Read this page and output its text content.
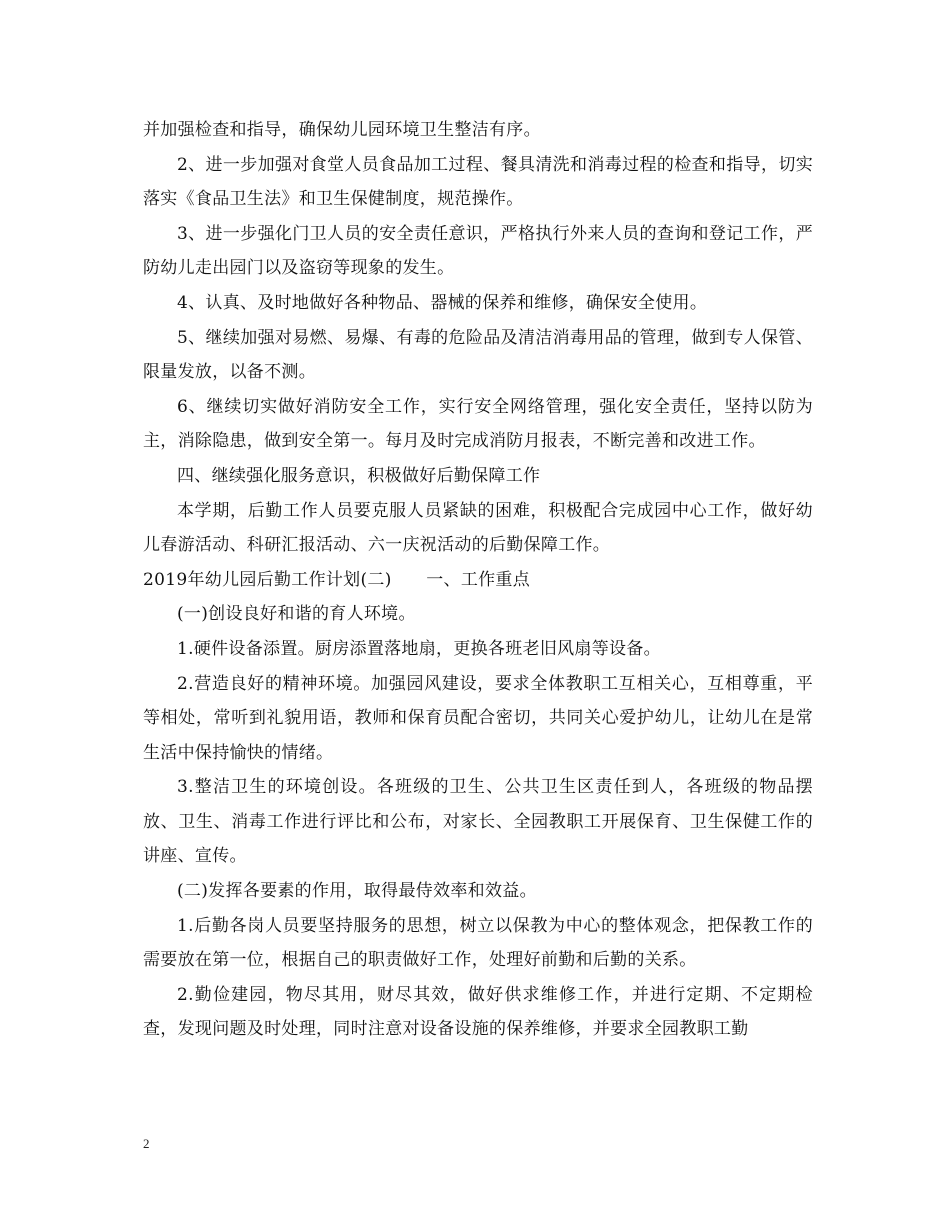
并加强检查和指导，确保幼儿园环境卫生整洁有序。

2、进一步加强对食堂人员食品加工过程、餐具清洗和消毒过程的检查和指导，切实落实《食品卫生法》和卫生保健制度，规范操作。

3、进一步强化门卫人员的安全责任意识，严格执行外来人员的查询和登记工作，严防幼儿走出园门以及盗窃等现象的发生。

4、认真、及时地做好各种物品、器械的保养和维修，确保安全使用。

5、继续加强对易燃、易爆、有毒的危险品及清洁消毒用品的管理，做到专人保管、限量发放，以备不测。

6、继续切实做好消防安全工作，实行安全网络管理，强化安全责任，坚持以防为主，消除隐患，做到安全第一。每月及时完成消防月报表，不断完善和改进工作。

四、继续强化服务意识，积极做好后勤保障工作

本学期，后勤工作人员要克服人员紧缺的困难，积极配合完成园中心工作，做好幼儿春游活动、科研汇报活动、六一庆祝活动的后勤保障工作。

2019年幼儿园后勤工作计划(二)　　一、工作重点

(一)创设良好和谐的育人环境。

1.硬件设备添置。厨房添置落地扇，更换各班老旧风扇等设备。

2.营造良好的精神环境。加强园风建设，要求全体教职工互相关心，互相尊重，平等相处，常听到礼貌用语，教师和保育员配合密切，共同关心爱护幼儿，让幼儿在是常生活中保持愉快的情绪。

3.整洁卫生的环境创设。各班级的卫生、公共卫生区责任到人，各班级的物品摆放、卫生、消毒工作进行评比和公布，对家长、全园教职工开展保育、卫生保健工作的讲座、宣传。

(二)发挥各要素的作用，取得最侍效率和效益。

1.后勤各岗人员要坚持服务的思想，树立以保教为中心的整体观念，把保教工作的需要放在第一位，根据自己的职责做好工作，处理好前勤和后勤的关系。

2.勤俭建园，物尽其用，财尽其效，做好供求维修工作，并进行定期、不定期检查，发现问题及时处理，同时注意对设备设施的保养维修，并要求全园教职工勤

2
